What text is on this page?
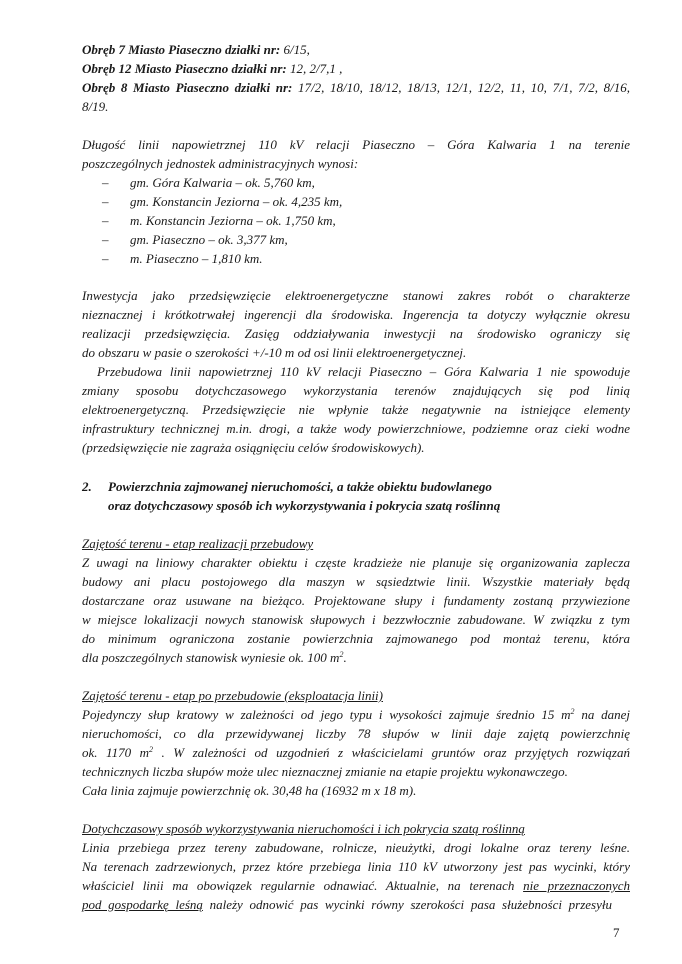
Obręb 7 Miasto Piaseczno działki nr: 6/15,
Obręb 12 Miasto Piaseczno działki nr: 12, 2/7,1 ,
Obręb 8 Miasto Piaseczno działki nr: 17/2, 18/10, 18/12, 18/13, 12/1, 12/2, 11, 10, 7/1, 7/2, 8/16,
8/19.
Długość linii napowietrznej 110 kV relacji Piaseczno – Góra Kalwaria 1 na terenie
poszczególnych jednostek administracyjnych wynosi:
– gm. Góra Kalwaria – ok. 5,760 km,
– gm. Konstancin Jeziorna – ok. 4,235 km,
– m. Konstancin Jeziorna – ok. 1,750 km,
– gm. Piaseczno – ok. 3,377 km,
– m. Piaseczno – 1,810 km.
Inwestycja jako przedsięwzięcie elektroenergetyczne stanowi zakres robót o charakterze
nieznacznej i krótkotrwałej ingerencji dla środowiska. Ingerencja ta dotyczy wyłącznie okresu
realizacji przedsięwzięcia. Zasięg oddziaływania inwestycji na środowisko ograniczy się
do obszaru w pasie o szerokości +/-10 m od osi linii elektroenergetycznej.
Przebudowa linii napowietrznej 110 kV relacji Piaseczno – Góra Kalwaria 1 nie spowoduje
zmiany sposobu dotychczasowego wykorzystania terenów znajdujących się pod linią
elektroenergetyczną. Przedsięwzięcie nie wpłynie także negatywnie na istniejące elementy
infrastruktury technicznej m.in. drogi, a także wody powierzchniowe, podziemne oraz cieki wodne
(przedsięwzięcie nie zagraża osiągnięciu celów środowiskowych).
2. Powierzchnia zajmowanej nieruchomości, a także obiektu budowlanego
oraz dotychczasowy sposób ich wykorzystywania i pokrycia szatą roślinną
Zajętość terenu - etap realizacji przebudowy
Z uwagi na liniowy charakter obiektu i częste kradzieże nie planuje się organizowania zaplecza
budowy ani placu postojowego dla maszyn w sąsiedztwie linii. Wszystkie materiały będą
dostarczane oraz usuwane na bieżąco. Projektowane słupy i fundamenty zostaną przywiezione
w miejsce lokalizacji nowych stanowisk słupowych i bezzwłocznie zabudowane. W związku z tym
do minimum ograniczona zostanie powierzchnia zajmowanego pod montaż terenu, która
dla poszczególnych stanowisk wyniesie ok. 100 $m^2$.
Zajętość terenu - etap po przebudowie (eksploatacja linii)
Pojedynczy słup kratowy w zależności od jego typu i wysokości zajmuje średnio 15 $m^2$ na danej
nieruchomości, co dla przewidywanej liczby 78 słupów w linii daje zajętą powierzchnię
ok. 1170 $m^2$ . W zależności od uzgodnień z właścicielami gruntów oraz przyjętych rozwiązań
technicznych liczba słupów może ulec nieznacznej zmianie na etapie projektu wykonawczego.
Cała linia zajmuje powierzchnię ok. 30,48 ha (16932 m x 18 m).
Dotychczasowy sposób wykorzystywania nieruchomości i ich pokrycia szatą roślinną
Linia przebiega przez tereny zabudowane, rolnicze, nieużytki, drogi lokalne oraz tereny leśne.
Na terenach zadrzewionych, przez które przebiega linia 110 kV utworzony jest pas wycinki, który
właściciel linii ma obowiązek regularnie odnawiać. Aktualnie, na terenach nie przeznaczonych
pod gospodarkę leśną należy odnowić pas wycinki równy szerokości pasa służebności przesyłu
7
